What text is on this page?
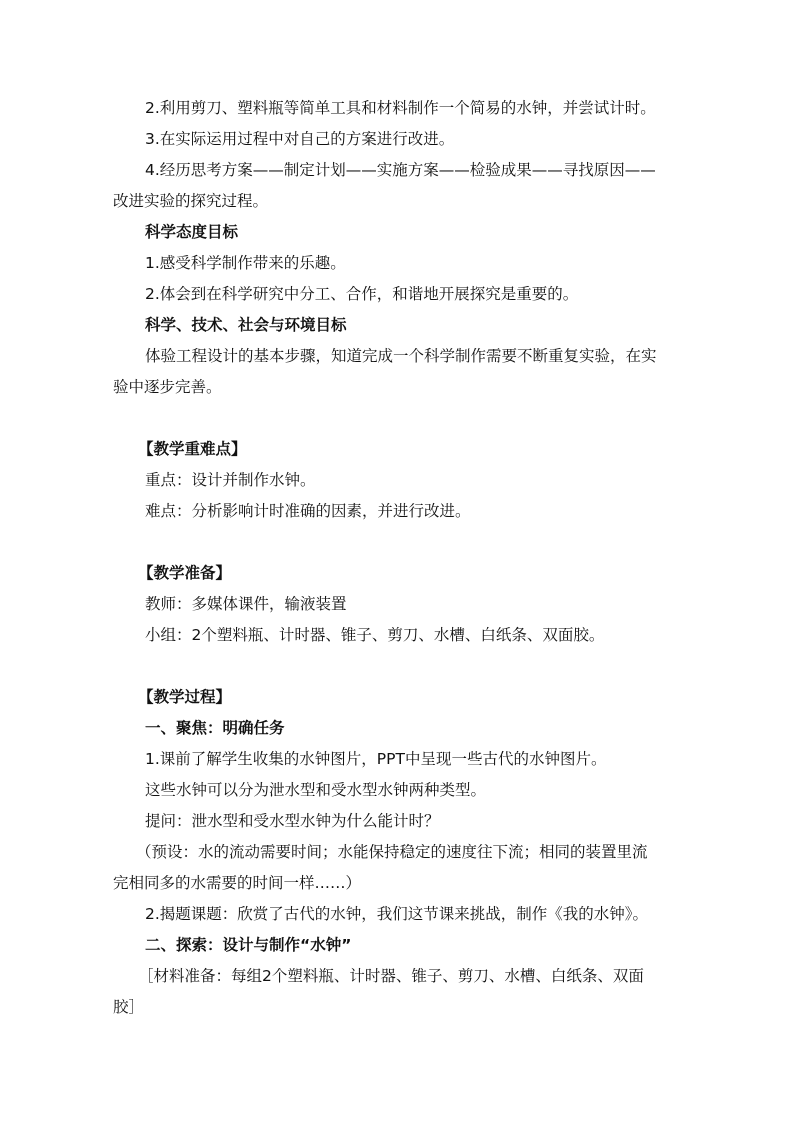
2.利用剪刀、塑料瓶等简单工具和材料制作一个简易的水钟，并尝试计时。
3.在实际运用过程中对自己的方案进行改进。
4.经历思考方案——制定计划——实施方案——检验成果——寻找原因——
改进实验的探究过程。
科学态度目标
1.感受科学制作带来的乐趣。
2.体会到在科学研究中分工、合作，和谐地开展探究是重要的。
科学、技术、社会与环境目标
体验工程设计的基本步骤，知道完成一个科学制作需要不断重复实验，在实
验中逐步完善。
【教学重难点】
重点：设计并制作水钟。
难点：分析影响计时准确的因素，并进行改进。
【教学准备】
教师：多媒体课件，输液装置
小组：2个塑料瓶、计时器、锥子、剪刀、水槽、白纸条、双面胶。
【教学过程】
一、聚焦：明确任务
1.课前了解学生收集的水钟图片，PPT中呈现一些古代的水钟图片。
这些水钟可以分为泄水型和受水型水钟两种类型。
提问：泄水型和受水型水钟为什么能计时？
（预设：水的流动需要时间；水能保持稳定的速度往下流；相同的装置里流
完相同多的水需要的时间一样……）
2.揭题课题：欣赏了古代的水钟，我们这节课来挑战，制作《我的水钟》。
二、探索：设计与制作“水钟”
［材料准备：每组2个塑料瓶、计时器、锥子、剪刀、水槽、白纸条、双面
胶］
